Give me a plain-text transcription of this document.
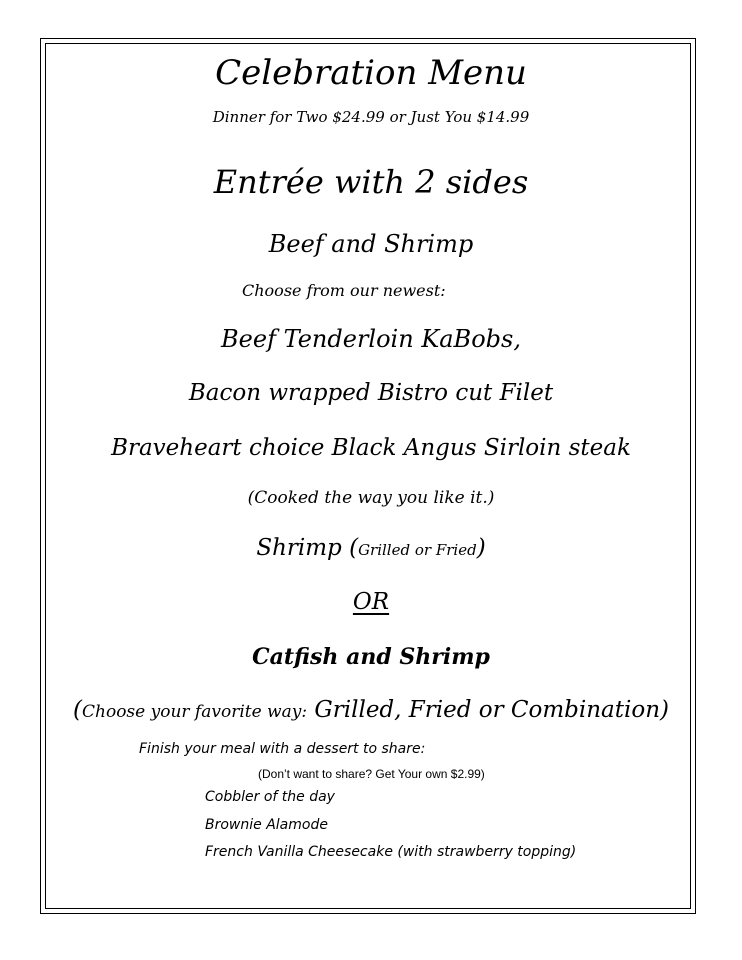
Celebration Menu
Dinner for Two $24.99 or Just You $14.99
Entrée with 2 sides
Beef and Shrimp
Choose from our newest:
Beef Tenderloin KaBobs,
Bacon wrapped Bistro cut Filet
Braveheart choice Black Angus Sirloin steak
(Cooked the way you like it.)
Shrimp (Grilled or Fried)
OR
Catfish and Shrimp
(Choose your favorite way: Grilled, Fried or Combination)
Finish your meal with a dessert to share:
(Don’t want to share? Get Your own $2.99)
Cobbler of the day
Brownie Alamode
French Vanilla Cheesecake (with strawberry topping)
